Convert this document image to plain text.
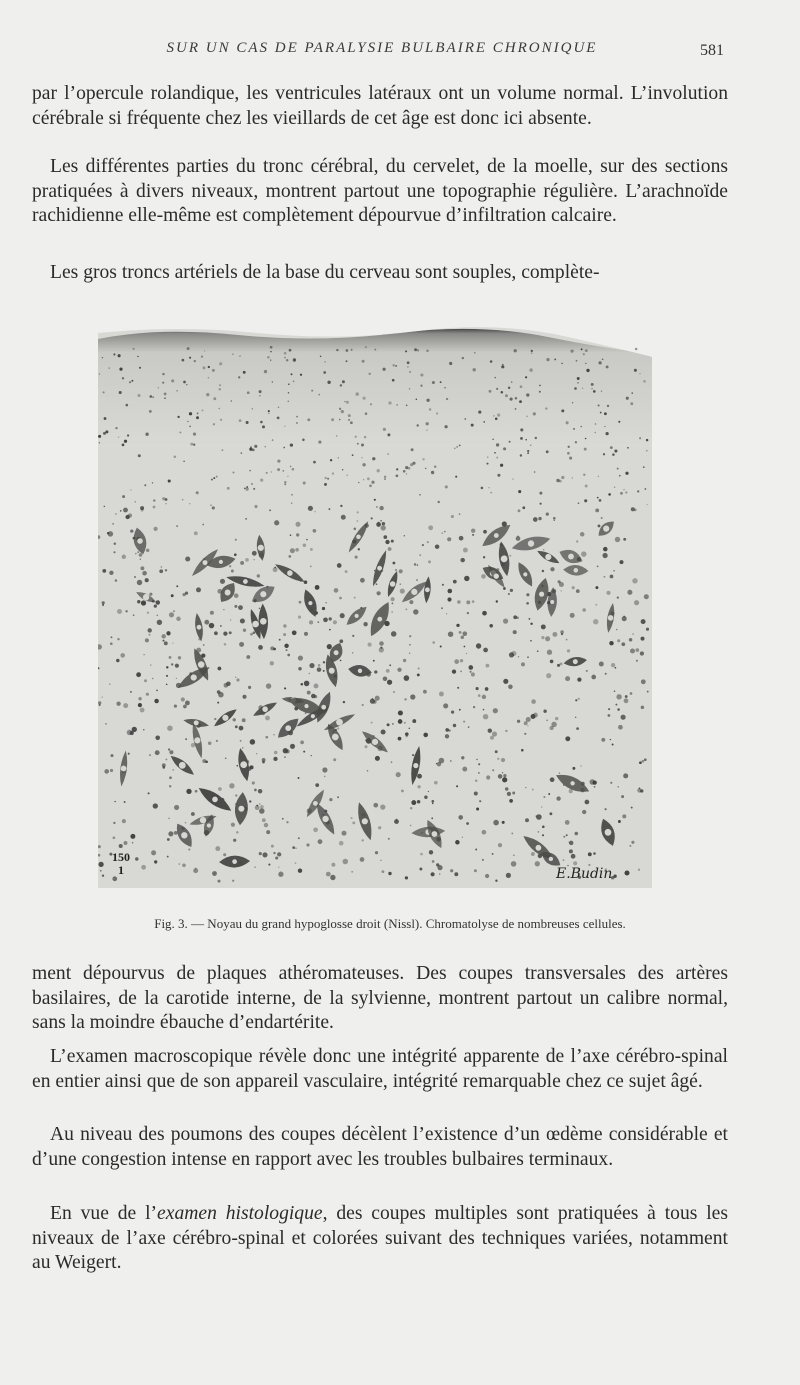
SUR UN CAS DE PARALYSIE BULBAIRE CHRONIQUE	581

par l’opercule rolandique, les ventricules latéraux ont un volume normal. L’involution cérébrale si fréquente chez les vieillards de cet âge est donc ici absente.

Les différentes parties du tronc cérébral, du cervelet, de la moelle, sur des sections pratiquées à divers niveaux, montrent partout une topographie régulière. L’arachnoïde rachidienne elle-même est complètement dépourvue d’infiltration calcaire.

Les gros troncs artériels de la base du cerveau sont souples, complète-

150
1	E.Budin
Fig. 3. — Noyau du grand hypoglosse droit (Nissl). Chromatolyse de nombreuses cellules.

ment dépourvus de plaques athéromateuses. Des coupes transversales des artères basilaires, de la carotide interne, de la sylvienne, montrent partout un calibre normal, sans la moindre ébauche d’endartérite.

L’examen macroscopique révèle donc une intégrité apparente de l’axe cérébro-spinal en entier ainsi que de son appareil vasculaire, intégrité remarquable chez ce sujet âgé.

Au niveau des poumons des coupes décèlent l’existence d’un œdème considérable et d’une congestion intense en rapport avec les troubles bulbaires terminaux.

En vue de l’examen histologique, des coupes multiples sont pratiquées à tous les niveaux de l’axe cérébro-spinal et colorées suivant des techniques variées, notamment au Weigert.
